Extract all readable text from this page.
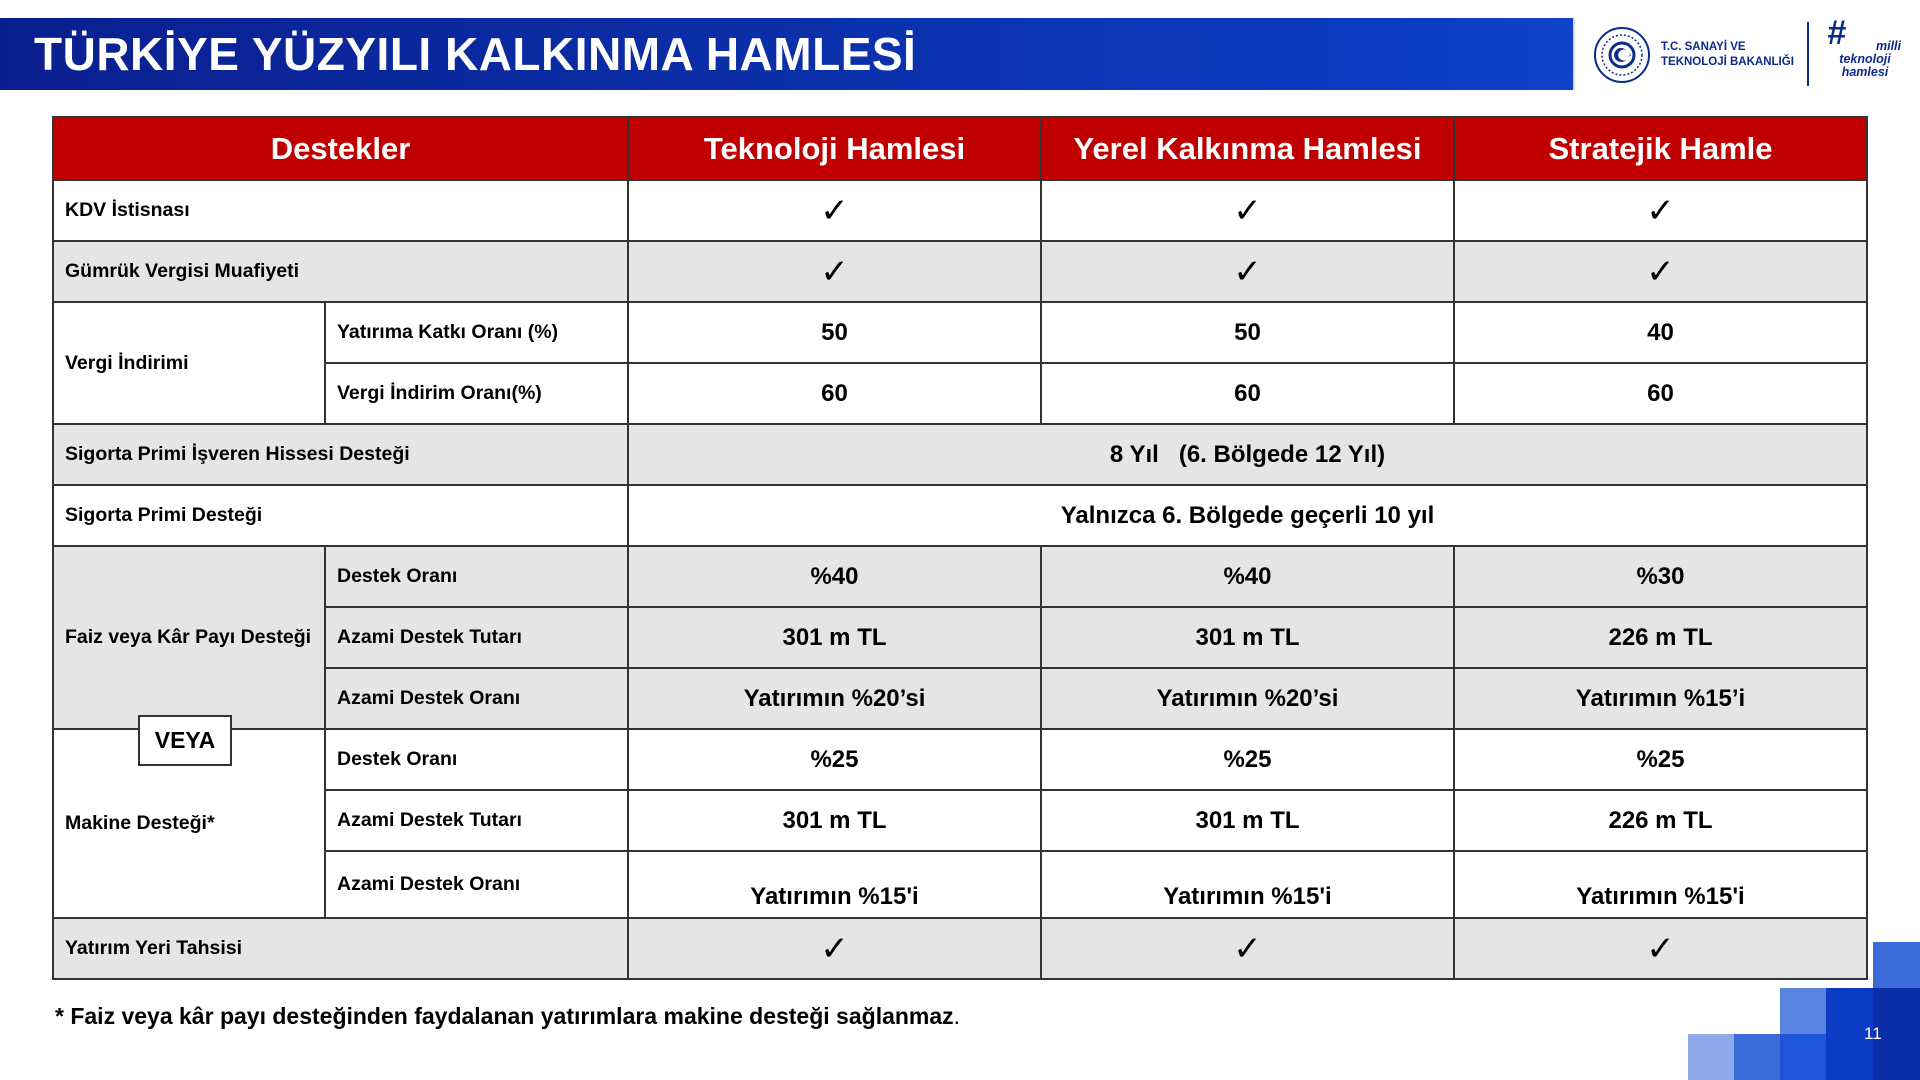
TÜRKİYE YÜZYILI KALKINMA HAMLESİ	T.C. SANAYİ VE
TEKNOLOJİ BAKANLIĞI
#	milli
teknoloji
hamlesi
Destekler		Teknoloji Hamlesi	Yerel Kalkınma Hamlesi	Stratejik Hamle
KDV İstisnası		✓	✓	✓
Gümrük Vergisi Muafiyeti		✓	✓	✓
Vergi İndirimi	Yatırıma Katkı Oranı (%)	50	50	40
	Vergi İndirim Oranı(%)	60	60	60
Sigorta Primi İşveren Hissesi Desteği		8 Yıl   (6. Bölgede 12 Yıl)		
Sigorta Primi Desteği		Yalnızca 6. Bölgede geçerli 10 yıl		
Faiz veya Kâr Payı Desteği	Destek Oranı	%40	%40	%30
	Azami Destek Tutarı	301 m TL	301 m TL	226 m TL
	Azami Destek Oranı	Yatırımın %20’si	Yatırımın %20’si	Yatırımın %15’i
Makine Desteği*	Destek Oranı	%25	%25	%25
	Azami Destek Tutarı	301 m TL	301 m TL	226 m TL
	Azami Destek Oranı	Yatırımın %15'i	Yatırımın %15'i	Yatırımın %15'i
Yatırım Yeri Tahsisi		✓	✓	✓
VEYA
* Faiz veya kâr payı desteğinden faydalanan yatırımlara makine desteği sağlanmaz.
11
